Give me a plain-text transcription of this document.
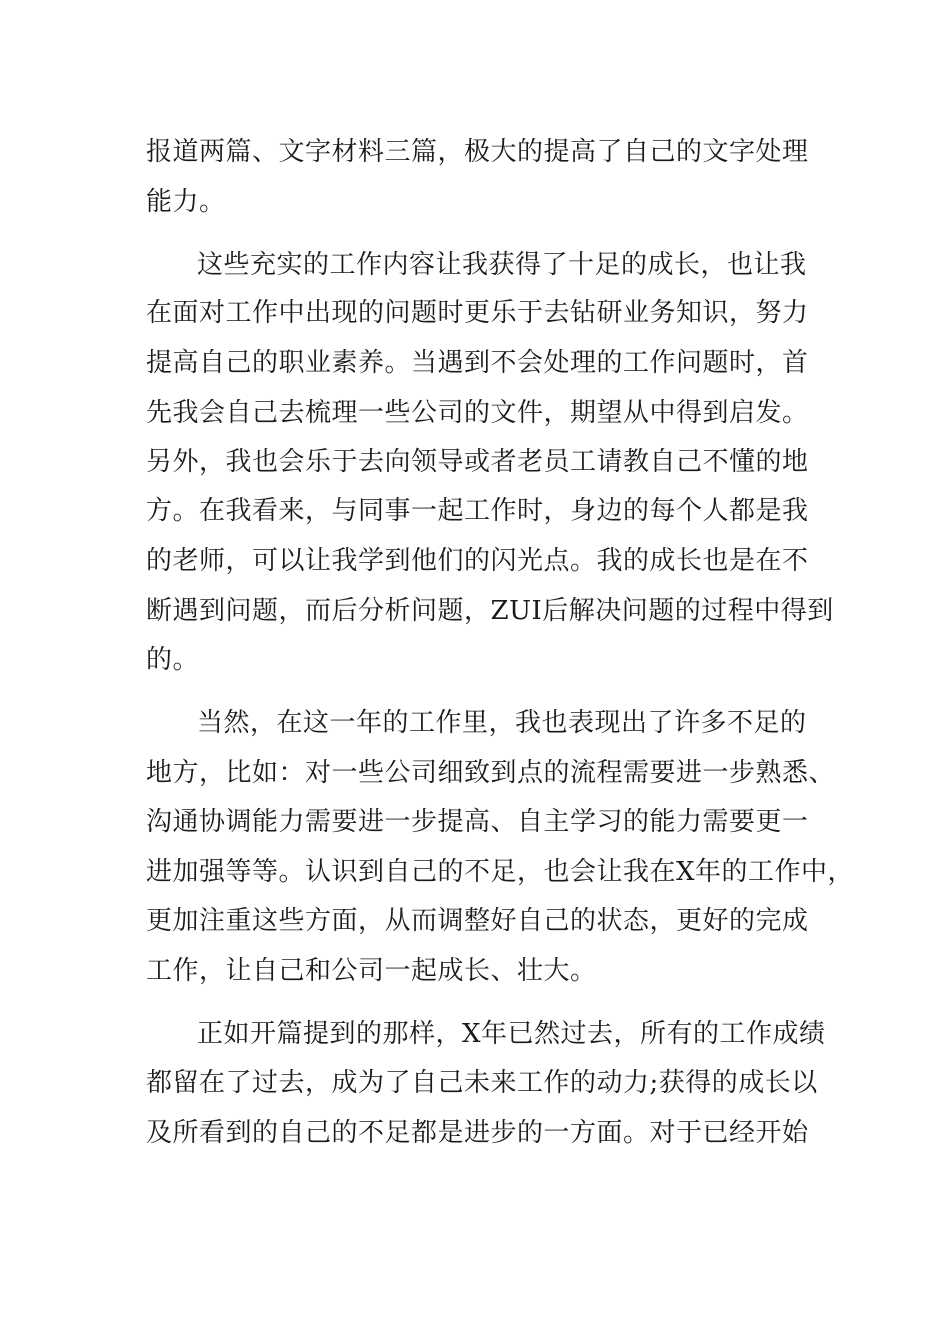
报道两篇、文字材料三篇，极大的提高了自己的文字处理

能力。

这些充实的工作内容让我获得了十足的成长，也让我

在面对工作中出现的问题时更乐于去钻研业务知识，努力

提高自己的职业素养。当遇到不会处理的工作问题时，首

先我会自己去梳理一些公司的文件，期望从中得到启发。

另外，我也会乐于去向领导或者老员工请教自己不懂的地

方。在我看来，与同事一起工作时，身边的每个人都是我

的老师，可以让我学到他们的闪光点。我的成长也是在不

断遇到问题，而后分析问题，ZUI后解决问题的过程中得到

的。

当然，在这一年的工作里，我也表现出了许多不足的

地方，比如：对一些公司细致到点的流程需要进一步熟悉、

沟通协调能力需要进一步提高、自主学习的能力需要更一

进加强等等。认识到自己的不足，也会让我在X年的工作中，

更加注重这些方面，从而调整好自己的状态，更好的完成

工作，让自己和公司一起成长、壮大。

正如开篇提到的那样，X年已然过去，所有的工作成绩

都留在了过去，成为了自己未来工作的动力;获得的成长以

及所看到的自己的不足都是进步的一方面。对于已经开始
